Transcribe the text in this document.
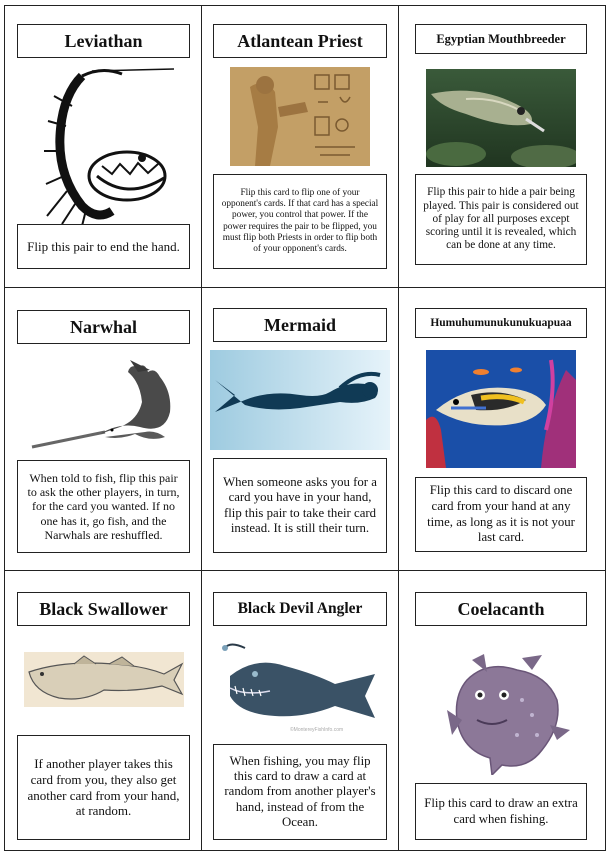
Leviathan
Flip this pair to end the hand.
Atlantean Priest
Flip this card to flip one of your opponent's cards. If that card has a special power, you control that power. If the power requires the pair to be flipped, you must flip both Priests in order to flip both of your opponent's cards.
Egyptian Mouthbreeder
Flip this pair to hide a pair being played. This pair is considered out of play for all purposes except scoring until it is revealed, which can be done at any time.
Narwhal
When told to fish, flip this pair to ask the other players, in turn, for the card you wanted. If no one has it, go fish, and the Narwhals are reshuffled.
Mermaid
When someone asks you for a card you have in your hand, flip this pair to take their card instead. It is still their turn.
Humuhumunukunukuapuaa
Flip this card to discard one card from your hand at any time, as long as it is not your last card.
Black Swallower
If another player takes this card from you, they also get another card from your hand, at random.
Black Devil Angler
©MontereyFishInfo.com
When fishing, you may flip this card to draw a card at random from another player's hand, instead of from the Ocean.
Coelacanth
Flip this card to draw an extra card when fishing.
